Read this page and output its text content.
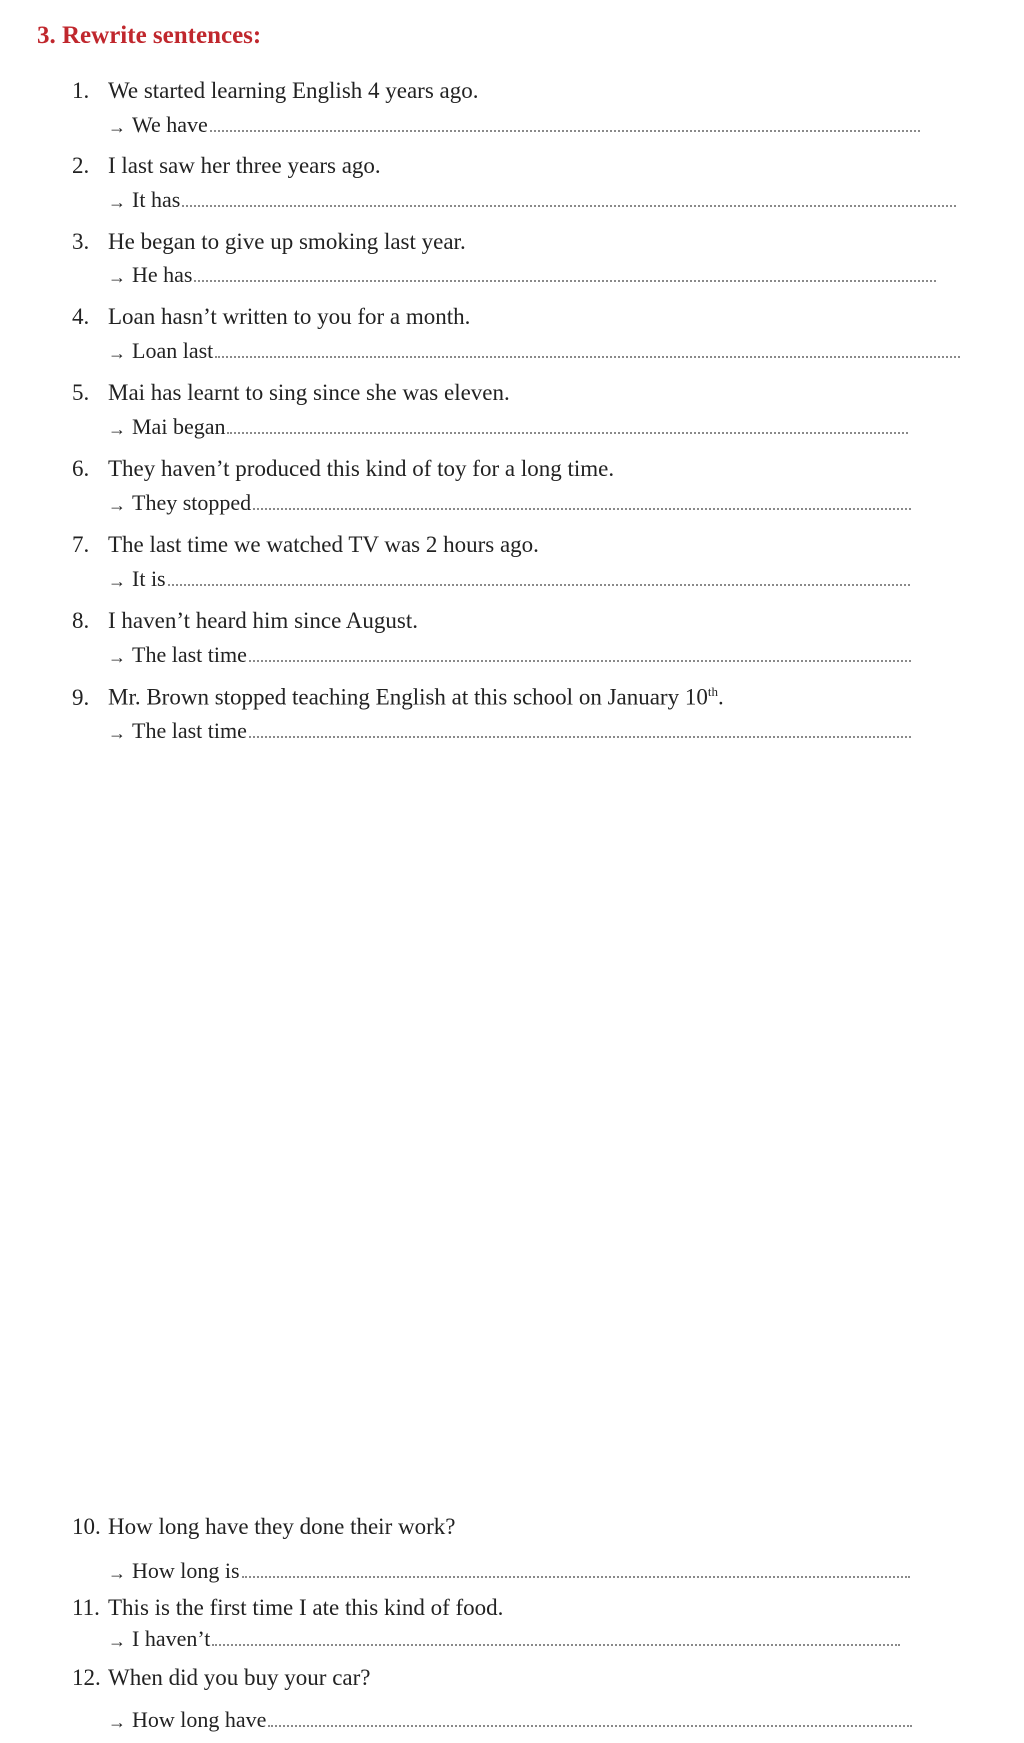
3. Rewrite sentences:
1. We started learning English 4 years ago.
→ We have
2. I last saw her three years ago.
→ It has
3. He began to give up smoking last year.
→ He has
4. Loan hasn’t written to you for a month.
→ Loan last
5. Mai has learnt to sing since she was eleven.
→ Mai began
6. They haven’t produced this kind of toy for a long time.
→ They stopped
7. The last time we watched TV was 2 hours ago.
→ It is
8. I haven’t heard him since August.
→ The last time
9. Mr. Brown stopped teaching English at this school on January 10th.
→ The last time
10. How long have they done their work?
→ How long is
11. This is the first time I ate this kind of food.
→ I haven’t
12. When did you buy your car?
→ How long have
